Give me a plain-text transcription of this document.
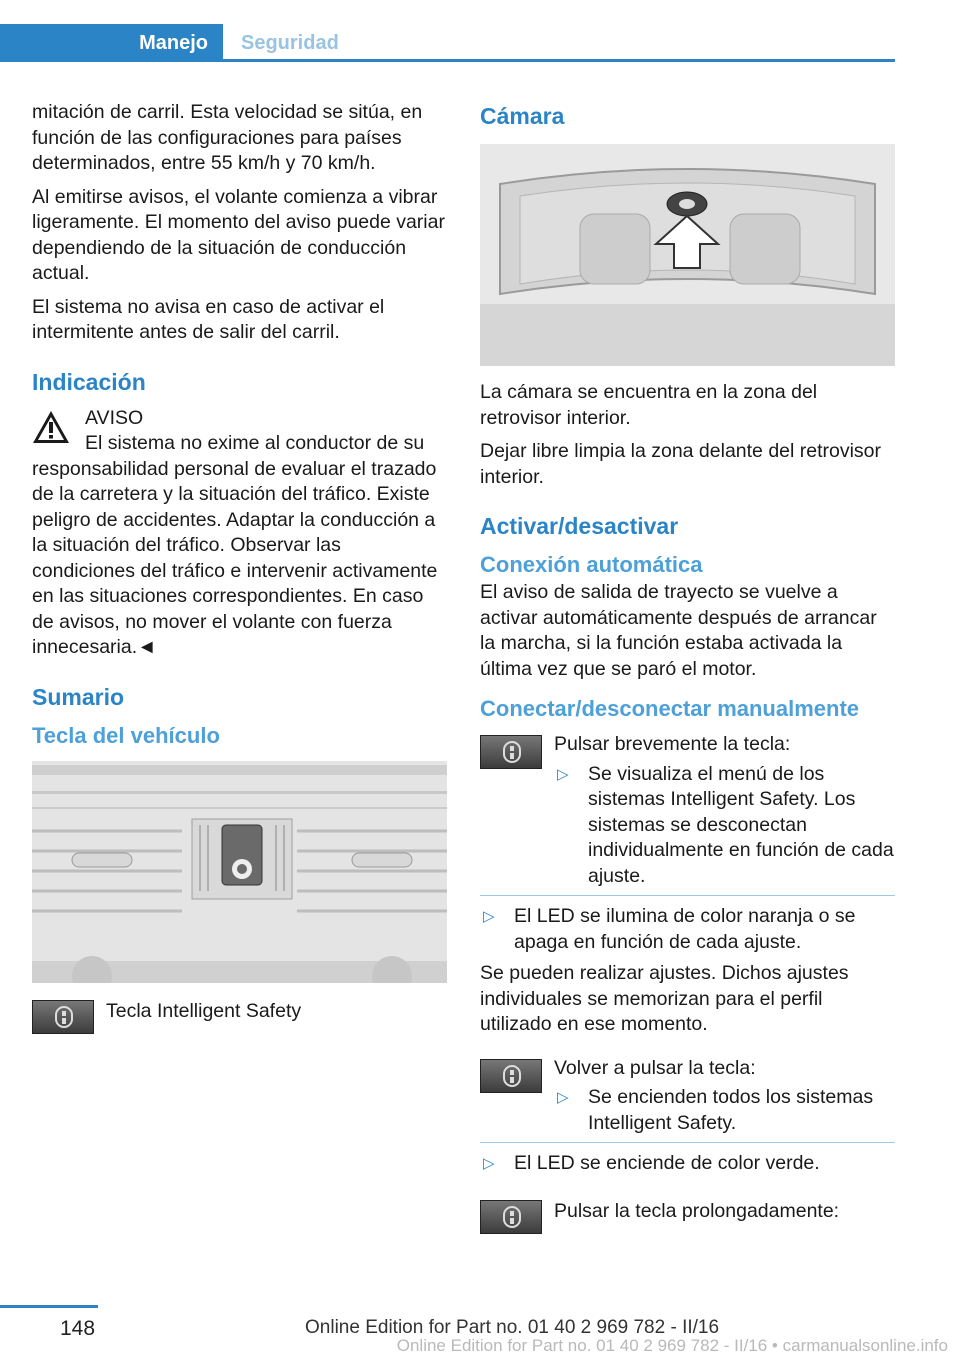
Manejo Seguridad

mitación de carril. Esta velocidad se sitúa, en función de las configuraciones para países determinados, entre 55 km/h y 70 km/h.

Al emitirse avisos, el volante comienza a vibrar ligeramente. El momento del aviso puede variar dependiendo de la situación de conducción actual.

El sistema no avisa en caso de activar el intermitente antes de salir del carril.

Indicación

AVISO

El sistema no exime al conductor de su responsabilidad personal de evaluar el trazado de la carretera y la situación del tráfico. Existe peligro de accidentes. Adaptar la conducción a la situación del tráfico. Observar las condiciones del tráfico e intervenir activamente en las situaciones correspondientes. En caso de avisos, no mover el volante con fuerza innecesaria.◄

Sumario
Tecla del vehículo

Tecla Intelligent Safety

Cámara

La cámara se encuentra en la zona del retrovisor interior.

Dejar libre limpia la zona delante del retrovisor interior.

Activar/desactivar
Conexión automática

El aviso de salida de trayecto se vuelve a activar automáticamente después de arrancar la marcha, si la función estaba activada la última vez que se paró el motor.

Conectar/desconectar manualmente

Pulsar brevemente la tecla:

▷ Se visualiza el menú de los sistemas Intelligent Safety. Los sistemas se desconectan individualmente en función de cada ajuste.
▷ El LED se ilumina de color naranja o se apaga en función de cada ajuste.

Se pueden realizar ajustes. Dichos ajustes individuales se memorizan para el perfil utilizado en ese momento.

Volver a pulsar la tecla:

▷ Se encienden todos los sistemas Intelligent Safety.
▷ El LED se enciende de color verde.

Pulsar la tecla prolongadamente:

148	Online Edition for Part no. 01 40 2 969 782 - II/16
Online Edition for Part no. 01 40 2 969 782 - II/16 • carmanualsonline.info
